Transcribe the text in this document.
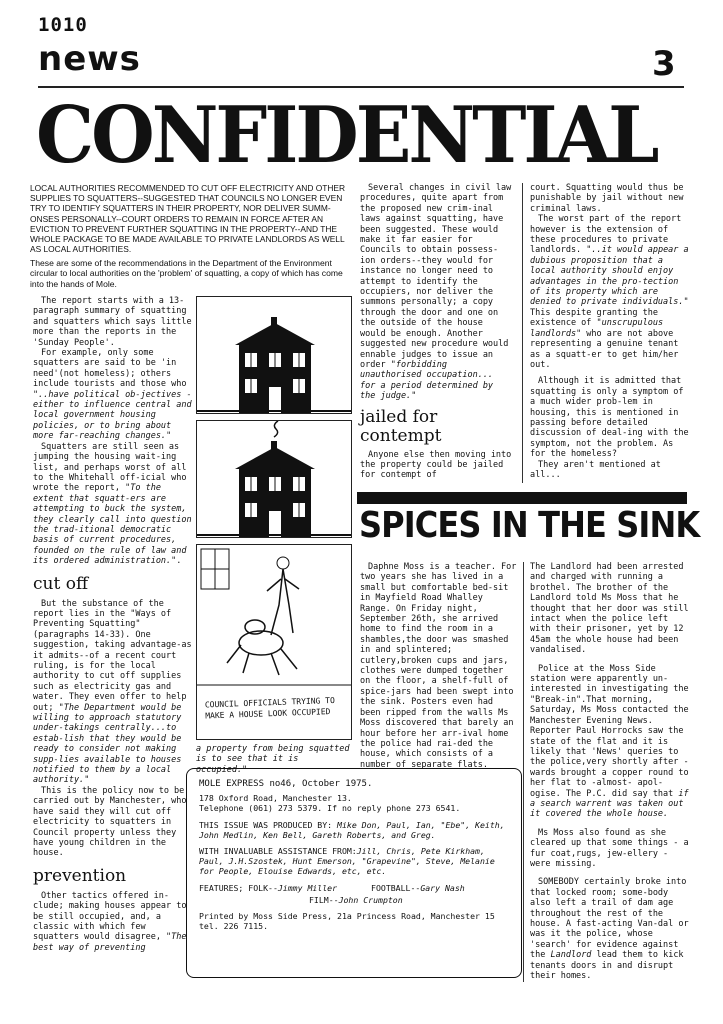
1010
news	3
CONFIDENTIAL
LOCAL AUTHORITIES RECOMMENDED TO CUT OFF ELECTRICITY AND OTHER SUPPLIES TO SQUATTERS--SUGGESTED THAT COUNCILS NO LONGER EVEN TRY TO IDENTIFY SQUATTERS IN THEIR PROPERTY, NOR DELIVER SUMM-ONSES PERSONALLY--COURT ORDERS TO REMAIN IN FORCE AFTER AN EVICTION TO PREVENT FURTHER SQUATTING IN THE PROPERTY--AND THE WHOLE PACKAGE TO BE MADE AVAILABLE TO PRIVATE LANDLORDS AS WELL AS LOCAL AUTHORITIES.
These are some of the recommendations in the Department of the Environment circular to local authorities on the 'problem' of squatting, a copy of which has come into the hands of Mole.

The report starts with a 13-paragraph summary of squatting and squatters which says little more than the reports in the 'Sunday People'.

For example, only some squatters are said to be 'in need'(not homeless); others include tourists and those who "..have political ob-jectives - either to influence central and local government housing policies, or to bring about more far-reaching changes."

Squatters are still seen as jumping the housing wait-ing list, and perhaps worst of all to the Whitehall off-icial who wrote the report, "To the extent that squatt-ers are attempting to buck the system, they clearly call into question the trad-itional democratic basis of current procedures, founded on the rule of law and its ordered administration.".

cut off

But the substance of the report lies in the "Ways of Preventing Squatting" (paragraphs 14-33). One suggestion, taking advantage-as it admits--of a recent court ruling, is for the local authority to cut off supplies such as electricity gas and water. They even offer to help out; "The Department would be willing to approach statutory under-takings centrally...to estab-lish that they would be ready to consider not making supp-lies available to houses notified to them by a local authority."

This is the policy now to be carried out by Manchester, who have said they will cut off electricity to squatters in Council property unless they have young children in the house.

prevention

Other tactics offered in-clude; making houses appear to be still occupied, and, a classic with which few squatters would disagree, "The best way of preventing

COUNCIL OFFICIALS TRYING TO MAKE A HOUSE LOOK OCCUPIED
a property from being squatted is to see that it is occupied."

Several changes in civil law procedures, quite apart from the proposed new crim-inal laws against squatting, have been suggested. These would make it far easier for Councils to obtain possess-ion orders--they would for instance no longer need to attempt to identify the occupiers, nor deliver the summons personally; a copy through the door and one on the outside of the house would be enough. Another suggested new procedure would ennable judges to issue an order "forbidding unauthorised occupation... for a period determined by the judge."

jailed for contempt

Anyone else then moving into the property could be jailed for contempt of

court. Squatting would thus be punishable by jail without new criminal laws.

The worst part of the report however is the extension of these procedures to private landlords. "..it would appear a dubious proposition that a local authority should enjoy advantages in the pro-tection of its property which are denied to private individuals." This despite granting the existence of "unscrupulous landlords" who are not above representing a genuine tenant as a squatt-er to get him/her out.

Although it is admitted that squatting is only a symptom of a much wider prob-lem in housing, this is mentioned in passing before detailed discussion of deal-ing with the symptom, not the problem. As for the homeless?

They aren't mentioned at all...

SPICES IN THE SINK

Daphne Moss is a teacher. For two years she has lived in a small but comfortable bed-sit in Mayfield Road Whalley Range. On Friday night, September 26th, she arrived home to find the room in a shambles,the door was smashed in and splintered; cutlery,broken cups and jars, clothes were dumped together on the floor, a shelf-full of spice-jars had been swept into the sink. Posters even had been ripped from the walls Ms Moss discovered that barely an hour before her arr-ival home the police had rai-ded the house, which consists of a number of separate flats.

The Landlord had been arrested and charged with running a brothel. The brother of the Landlord told Ms Moss that he thought that her door was still intact when the police left with their prisoner, yet by 12 45am the whole house had been vandalised.

Police at the Moss Side station were apparently un-interested in investigating the "Break-in".That morning, Saturday, Ms Moss contacted the Manchester Evening News. Reporter Paul Horrocks saw the state of the flat and it is likely that 'News' queries to the police,very shortly after -wards brought a copper round to her flat to -almost- apol-ogise. The P.C. did say that if a search warrent was taken out it covered the whole house.

Ms Moss also found as she cleared up that some things - a fur coat,rugs, jew-ellery - were missing.

SOMEBODY certainly broke into that locked room; some-body also left a trail of dam age throughout the rest of the house. A fast-acting Van-dal or was it the police, whose 'search' for evidence against the Landlord lead them to kick tenants doors in and disrupt their homes.

MOLE EXPRESS no46, October 1975.

178 Oxford Road, Manchester 13.

Telephone (061) 273 5379. If no reply phone 273 6541.

THIS ISSUE WAS PRODUCED BY: Mike Don, Paul, Ian, "Ebe", Keith, John Medlin, Ken Bell, Gareth Roberts, and Greg.

WITH INVALUABLE ASSISTANCE FROM:Jill, Chris, Pete Kirkham, Paul, J.H.Szostek, Hunt Emerson, "Grapevine", Steve, Melanie for People, Elouise Edwards, etc, etc.

FEATURES; FOLK--Jimmy Miller	FOOTBALL--Gary Nash

FILM--John Crumpton

Printed by Moss Side Press, 21a Princess Road, Manchester 15 tel. 226 7115.
